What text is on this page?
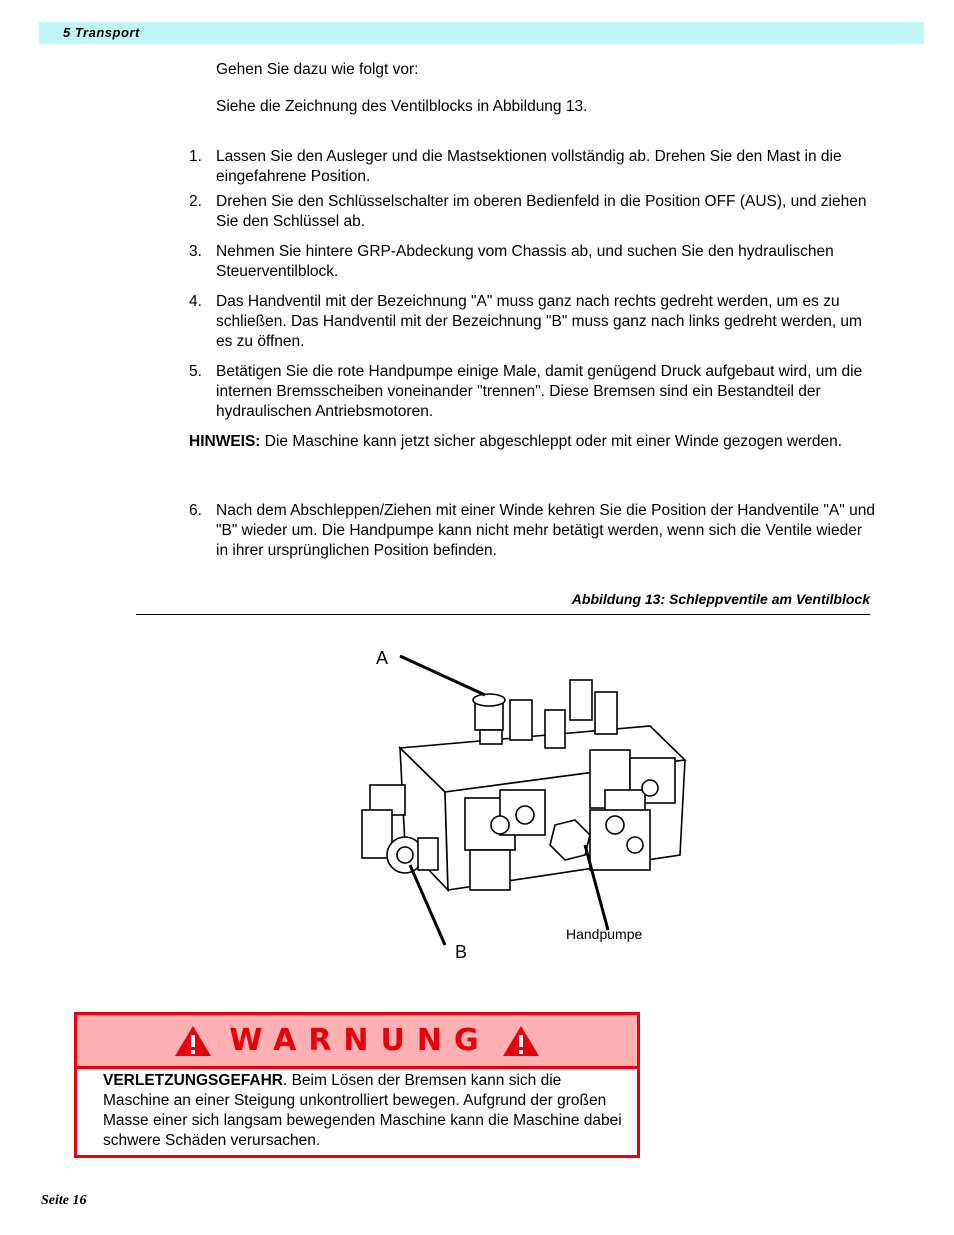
5 Transport

Gehen Sie dazu wie folgt vor:

Siehe die Zeichnung des Ventilblocks in Abbildung 13.

1. Lassen Sie den Ausleger und die Mastsektionen vollständig ab. Drehen Sie den Mast in die eingefahrene Position.
2. Drehen Sie den Schlüsselschalter im oberen Bedienfeld in die Position OFF (AUS), und ziehen Sie den Schlüssel ab.
3. Nehmen Sie hintere GRP-Abdeckung vom Chassis ab, und suchen Sie den hydraulischen Steuerventilblock.
4. Das Handventil mit der Bezeichnung "A" muss ganz nach rechts gedreht werden, um es zu schließen. Das Handventil mit der Bezeichnung "B" muss ganz nach links gedreht werden, um es zu öffnen.
5. Betätigen Sie die rote Handpumpe einige Male, damit genügend Druck aufgebaut wird, um die internen Bremsscheiben voneinander "trennen". Diese Bremsen sind ein Bestandteil der hydraulischen Antriebsmotoren.
HINWEIS: Die Maschine kann jetzt sicher abgeschleppt oder mit einer Winde gezogen werden.
6. Nach dem Abschleppen/Ziehen mit einer Winde kehren Sie die Position der Handventile "A" und "B" wieder um. Die Handpumpe kann nicht mehr betätigt werden, wenn sich die Ventile wieder in ihrer ursprünglichen Position befinden.
Abbildung 13: Schleppventile am Ventilblock
A
B
Handpumpe
WARNUNG
VERLETZUNGSGEFAHR. Beim Lösen der Bremsen kann sich die Maschine an einer Steigung unkontrolliert bewegen. Aufgrund der großen Masse einer sich langsam bewegenden Maschine kann die Maschine dabei schwere Schäden verursachen.
Seite 16
